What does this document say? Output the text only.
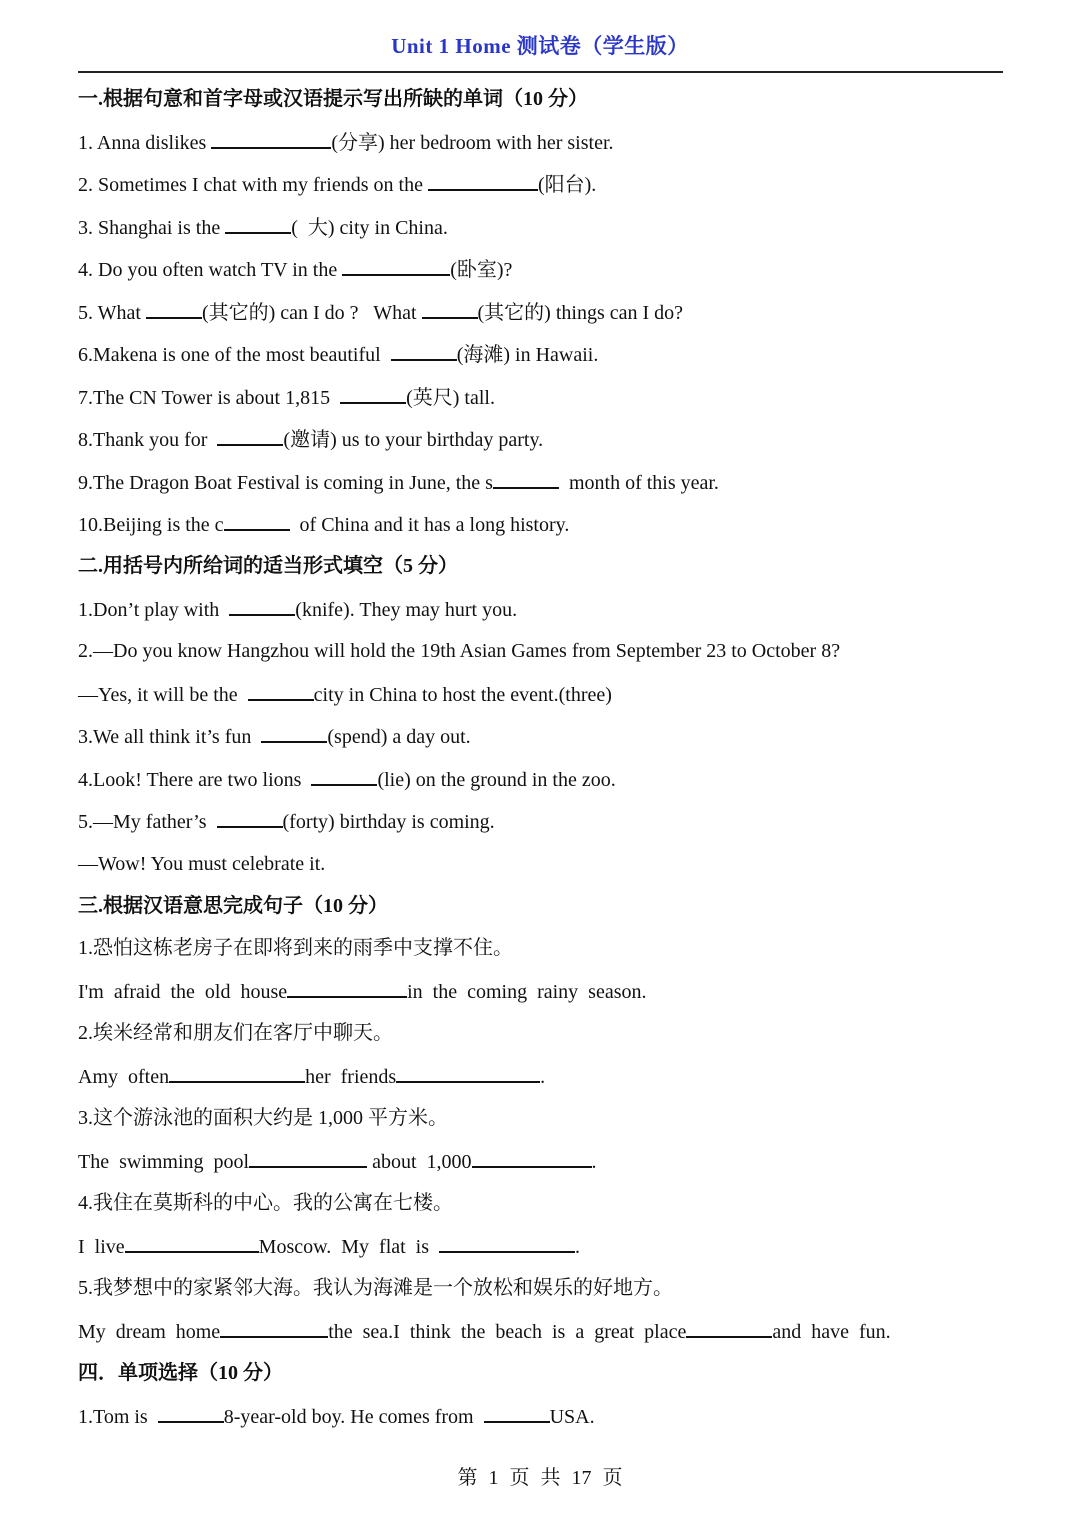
Unit 1 Home 测试卷（学生版）
一.根据句意和首字母或汉语提示写出所缺的单词（10 分）
1. Anna dislikes	(分享) her bedroom with her sister.
2. Sometimes I chat with my friends on the	(阳台).
3. Shanghai is the	(  大) city in China.
4. Do you often watch TV in the	(卧室)?
5. What	(其它的) can I do ?   What	(其它的) things can I do?
6.Makena is one of the most beautiful	(海滩) in Hawaii.
7.The CN Tower is about 1,815	(英尺) tall.
8.Thank you for	(邀请) us to your birthday party.
9.The Dragon Boat Festival is coming in June, the s	month of this year.
10.Beijing is the c	of China and it has a long history.
二.用括号内所给词的适当形式填空（5 分）
1.Don’t play with	(knife). They may hurt you.
2.—Do you know Hangzhou will hold the 19th Asian Games from September 23 to October 8?
—Yes, it will be the	city in China to host the event.(three)
3.We all think it’s fun	(spend) a day out.
4.Look! There are two lions	(lie) on the ground in the zoo.
5.—My father’s	(forty) birthday is coming.
—Wow! You must celebrate it.
三.根据汉语意思完成句子（10 分）
1.恐怕这栋老房子在即将到来的雨季中支撑不住。
I'm  afraid  the  old  house	in  the  coming  rainy  season.
2.埃米经常和朋友们在客厅中聊天。
Amy  often	her  friends	.
3.这个游泳池的面积大约是 1,000 平方米。
The  swimming  pool	about  1,000	.
4.我住在莫斯科的中心。我的公寓在七楼。
I  live	Moscow.  My  flat  is	.
5.我梦想中的家紧邻大海。我认为海滩是一个放松和娱乐的好地方。
My  dream  home	the  sea.I  think  the  beach  is  a  great  place	and  have  fun.
四．单项选择（10 分）
1.Tom is	8-year-old boy. He comes from	USA.
第 1 页 共 17 页
